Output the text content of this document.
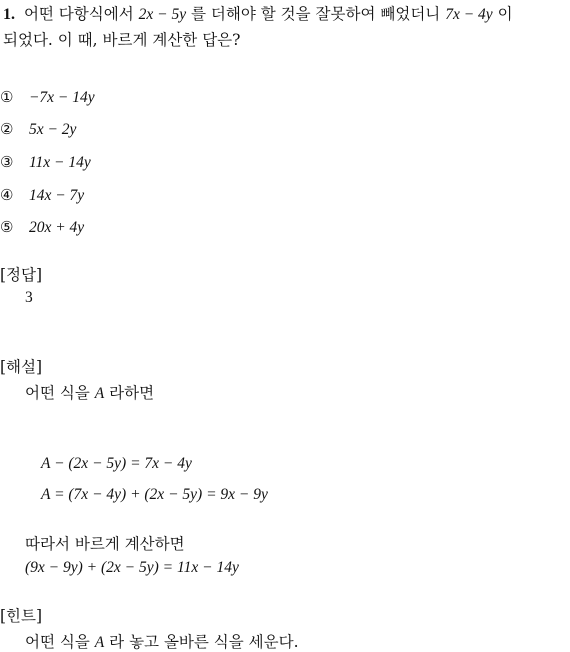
1. 어떤 다항식에서 2x − 5y 를 더해야 할 것을 잘못하여 빼었더니 7x − 4y 이
되었다. 이 때, 바르게 계산한 답은?
① −7x − 14y
② 5x − 2y
③ 11x − 14y
④ 14x − 7y
⑤ 20x + 4y
[정답]
3
[해설]
어떤 식을 A 라하면
A − (2x − 5y) = 7x − 4y
A = (7x − 4y) + (2x − 5y) = 9x − 9y
따라서 바르게 계산하면
(9x − 9y) + (2x − 5y) = 11x − 14y
[힌트]
어떤 식을 A 라 놓고 올바른 식을 세운다.
